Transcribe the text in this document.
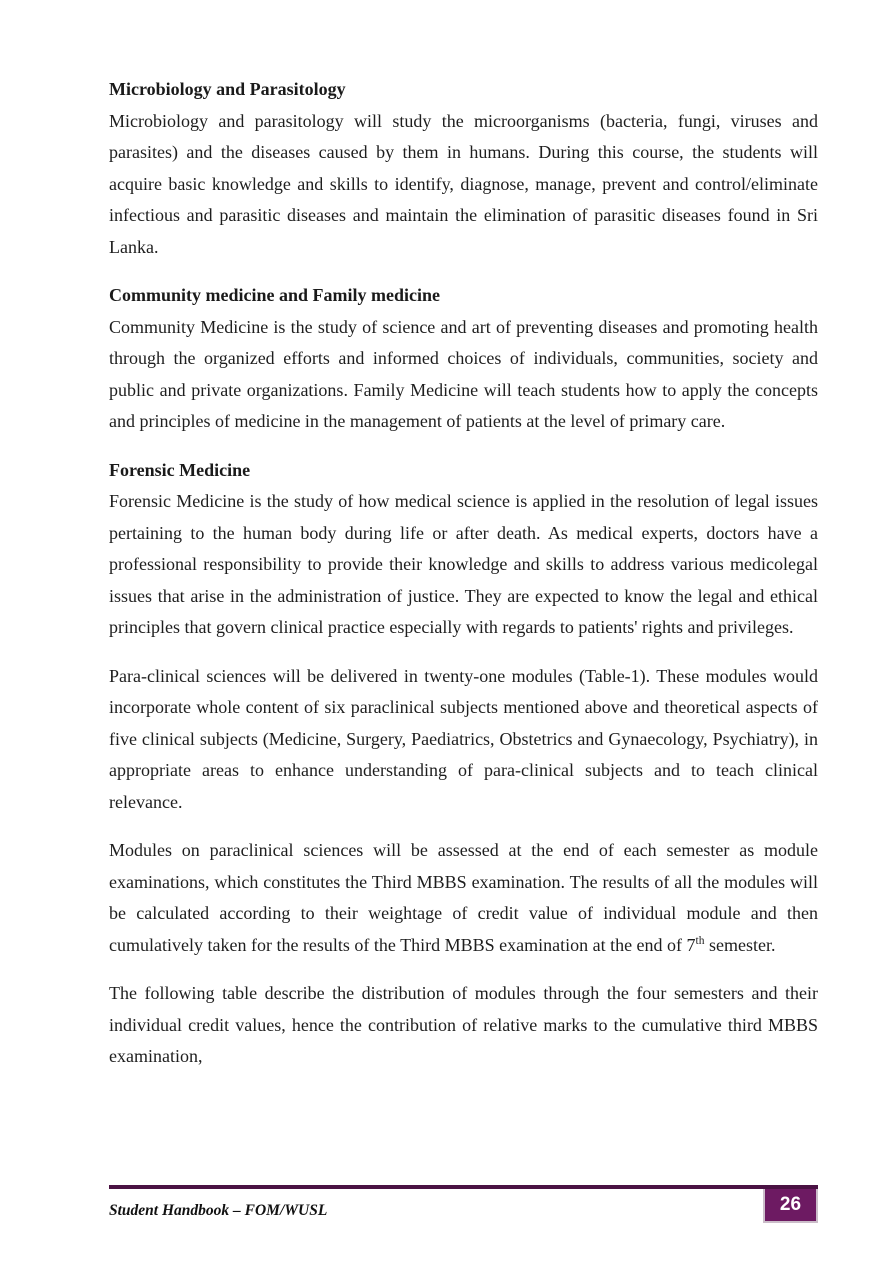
Microbiology and Parasitology

Microbiology and parasitology will study the microorganisms (bacteria, fungi, viruses and parasites) and the diseases caused by them in humans. During this course, the students will acquire basic knowledge and skills to identify, diagnose, manage, prevent and control/eliminate infectious and parasitic diseases and maintain the elimination of parasitic diseases found in Sri Lanka.

Community medicine and Family medicine

Community Medicine is the study of science and art of preventing diseases and promoting health through the organized efforts and informed choices of individuals, communities, society and public and private organizations. Family Medicine will teach students how to apply the concepts and principles of medicine in the management of patients at the level of primary care.

Forensic Medicine

Forensic Medicine is the study of how medical science is applied in the resolution of legal issues pertaining to the human body during life or after death. As medical experts, doctors have a professional responsibility to provide their knowledge and skills to address various medicolegal issues that arise in the administration of justice. They are expected to know the legal and ethical principles that govern clinical practice especially with regards to patients' rights and privileges.

Para-clinical sciences will be delivered in twenty-one modules (Table-1). These modules would incorporate whole content of six paraclinical subjects mentioned above and theoretical aspects of five clinical subjects (Medicine, Surgery, Paediatrics, Obstetrics and Gynaecology, Psychiatry), in appropriate areas to enhance understanding of para-clinical subjects and to teach clinical relevance.

Modules on paraclinical sciences will be assessed at the end of each semester as module examinations, which constitutes the Third MBBS examination. The results of all the modules will be calculated according to their weightage of credit value of individual module and then cumulatively taken for the results of the Third MBBS examination at the end of 7th semester.

The following table describe the distribution of modules through the four semesters and their individual credit values, hence the contribution of relative marks to the cumulative third MBBS examination,

Student Handbook – FOM/WUSL	26
